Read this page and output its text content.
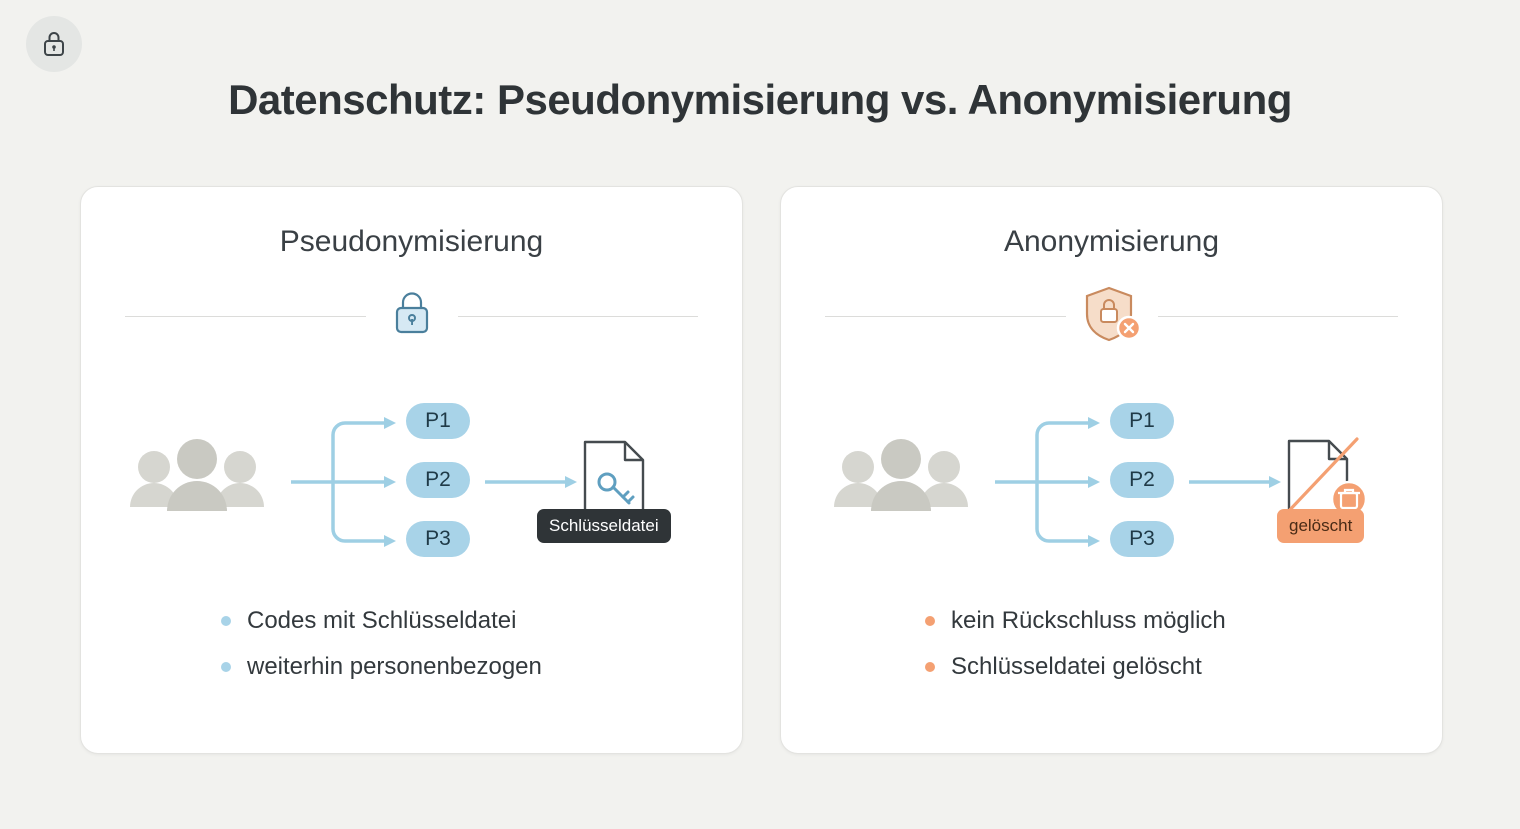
Datenschutz: Pseudonymisierung vs. Anonymisierung
Pseudonymisierung
P1
P2
P3
Schlüsseldatei
Codes mit Schlüsseldatei
weiterhin personenbezogen
Anonymisierung
P1
P2
P3
gelöscht
kein Rückschluss möglich
Schlüsseldatei gelöscht
